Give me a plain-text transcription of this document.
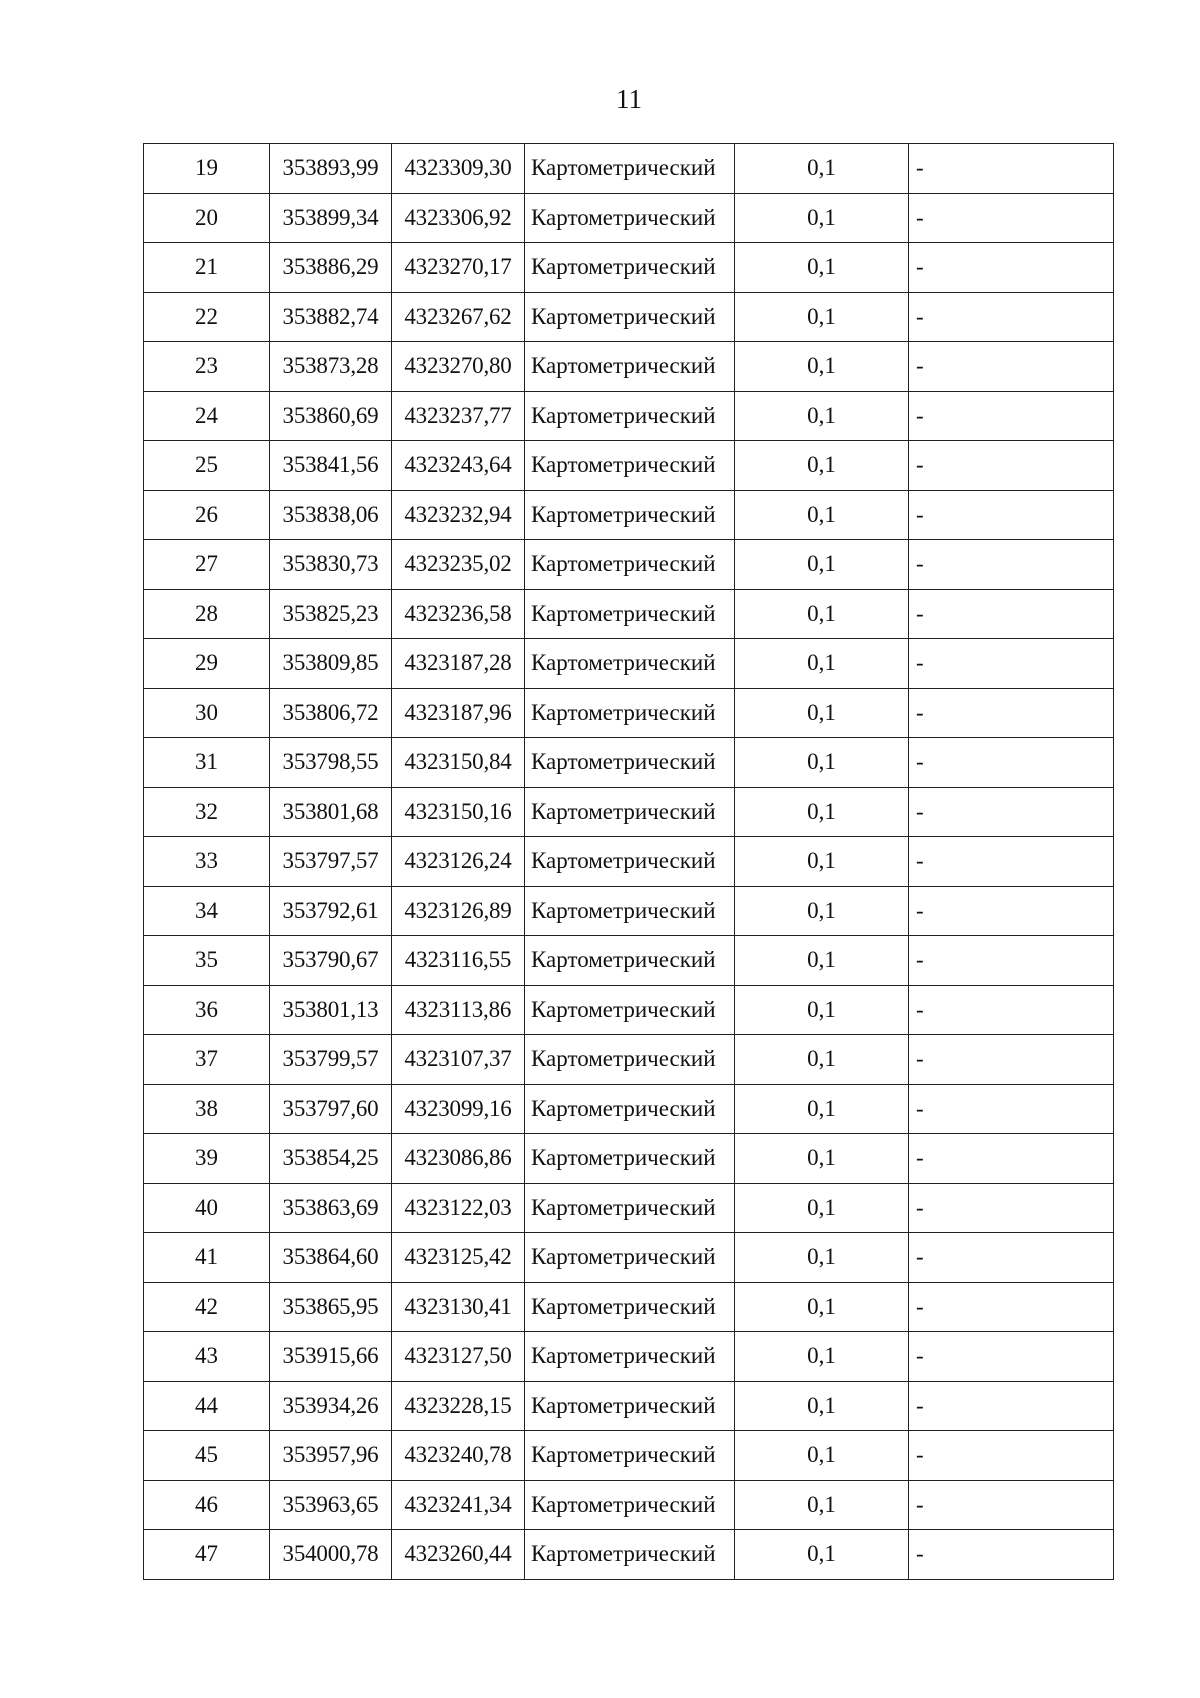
11
19	353893,99	4323309,30	Картометрический	0,1	-
20	353899,34	4323306,92	Картометрический	0,1	-
21	353886,29	4323270,17	Картометрический	0,1	-
22	353882,74	4323267,62	Картометрический	0,1	-
23	353873,28	4323270,80	Картометрический	0,1	-
24	353860,69	4323237,77	Картометрический	0,1	-
25	353841,56	4323243,64	Картометрический	0,1	-
26	353838,06	4323232,94	Картометрический	0,1	-
27	353830,73	4323235,02	Картометрический	0,1	-
28	353825,23	4323236,58	Картометрический	0,1	-
29	353809,85	4323187,28	Картометрический	0,1	-
30	353806,72	4323187,96	Картометрический	0,1	-
31	353798,55	4323150,84	Картометрический	0,1	-
32	353801,68	4323150,16	Картометрический	0,1	-
33	353797,57	4323126,24	Картометрический	0,1	-
34	353792,61	4323126,89	Картометрический	0,1	-
35	353790,67	4323116,55	Картометрический	0,1	-
36	353801,13	4323113,86	Картометрический	0,1	-
37	353799,57	4323107,37	Картометрический	0,1	-
38	353797,60	4323099,16	Картометрический	0,1	-
39	353854,25	4323086,86	Картометрический	0,1	-
40	353863,69	4323122,03	Картометрический	0,1	-
41	353864,60	4323125,42	Картометрический	0,1	-
42	353865,95	4323130,41	Картометрический	0,1	-
43	353915,66	4323127,50	Картометрический	0,1	-
44	353934,26	4323228,15	Картометрический	0,1	-
45	353957,96	4323240,78	Картометрический	0,1	-
46	353963,65	4323241,34	Картометрический	0,1	-
47	354000,78	4323260,44	Картометрический	0,1	-
